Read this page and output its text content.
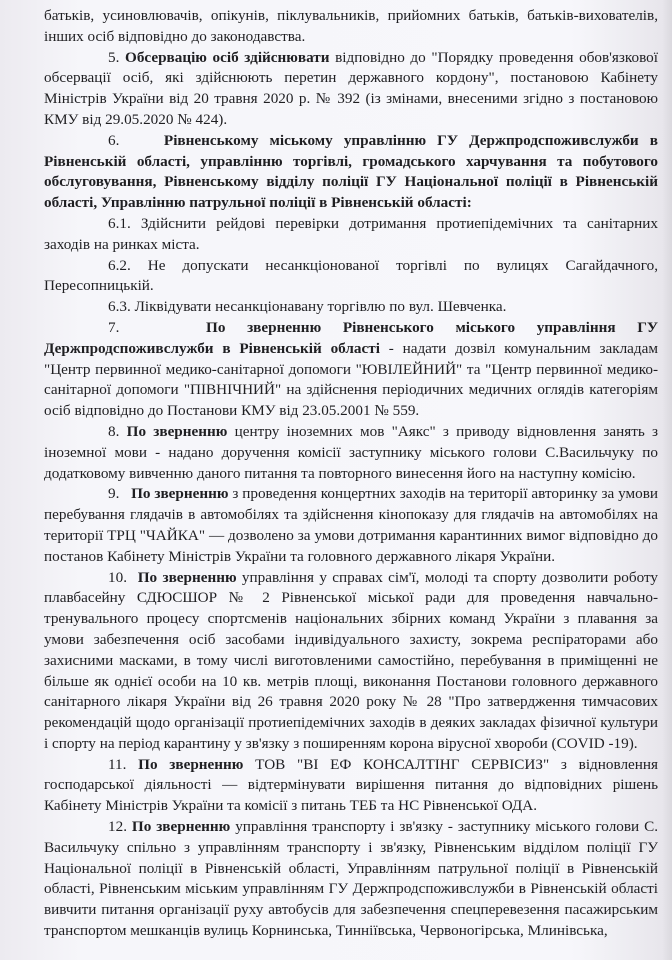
батьків, усиновлювачів, опікунів, піклувальників, прийомних батьків, батьків-вихователів, інших осіб відповідно до законодавства.

5. Обсервацію осіб здійснювати відповідно до "Порядку проведення обов'язкової обсервації осіб, які здійснюють перетин державного кордону", постановою Кабінету Міністрів України від 20 травня 2020 р. № 392 (із змінами, внесеними згідно з постановою КМУ від 29.05.2020 № 424).

6.	Рівненському міському управлінню ГУ Держпродспоживслужби в Рівненській області, управлінню торгівлі, громадського харчування та побутового обслуговування, Рівненському відділу поліції ГУ Національної поліції в Рівненській області, Управлінню патрульної поліції в Рівненській області:

6.1. Здійснити рейдові перевірки дотримання протиепідемічних та санітарних заходів на ринках міста.

6.2. Не допускати несанкціонованої торгівлі по вулицях Сагайдачного, Пересопницькій.

6.3. Ліквідувати несанкціонавану торгівлю по вул. Шевченка.

7.	По зверненню Рівненського міського управління ГУ Держпродспоживслужби в Рівненській області - надати дозвіл комунальним закладам "Центр первинної медико-санітарної допомоги "ЮВІЛЕЙНИЙ" та "Центр первинної медико-санітарної допомоги "ПІВНІЧНИЙ" на здійснення періодичних медичних оглядів категоріям осіб відповідно до Постанови КМУ від 23.05.2001 № 559.

8. По зверненню центру іноземних мов "Аякс" з приводу відновлення занять з іноземної мови - надано доручення комісії заступнику міського голови С.Васильчуку по додатковому вивченню даного питання та повторного винесення його на наступну комісію.

9. По зверненню з проведення концертних заходів на території авторинку за умови перебування глядачів в автомобілях та здійснення кінопоказу для глядачів на автомобілях на території ТРЦ "ЧАЙКА" — дозволено за умови дотримання карантинних вимог відповідно до постанов Кабінету Міністрів України та головного державного лікаря України.

10. По зверненню управління у справах сім'ї, молоді та спорту дозволити роботу плавбасейну СДЮСШОР № 2 Рівненської міської ради для проведення навчально-тренувального процесу спортсменів національних збірних команд України з плавання за умови забезпечення осіб засобами індивідуального захисту, зокрема респіраторами або захисними масками, в тому числі виготовленими самостійно, перебування в приміщенні не більше як однієї особи на 10 кв. метрів площі, виконання Постанови головного державного санітарного лікаря України від 26 травня 2020 року № 28 "Про затвердження тимчасових рекомендацій щодо організації протиепідемічних заходів в деяких закладах фізичної культури і спорту на період карантину у зв'язку з поширенням корона вірусної хвороби (COVID -19).

11. По зверненню ТОВ "ВІ ЕФ КОНСАЛТІНГ СЕРВІСИЗ" з відновлення господарської діяльності — відтермінувати вирішення питання до відповідних рішень Кабінету Міністрів України та комісії з питань ТЕБ та НС Рівненської ОДА.

12. По зверненню управління транспорту і зв'язку - заступнику міського голови С. Васильчуку спільно з управлінням транспорту і зв'язку, Рівненським відділом поліції ГУ Національної поліції в Рівненській області, Управлінням патрульної поліції в Рівненській області, Рівненським міським управлінням ГУ Держпродспоживслужби в Рівненській області вивчити питання організації руху автобусів для забезпечення спецперевезення пасажирським транспортом мешканців вулиць Корнинська, Тинніївська, Червоногірська, Млинівська,
